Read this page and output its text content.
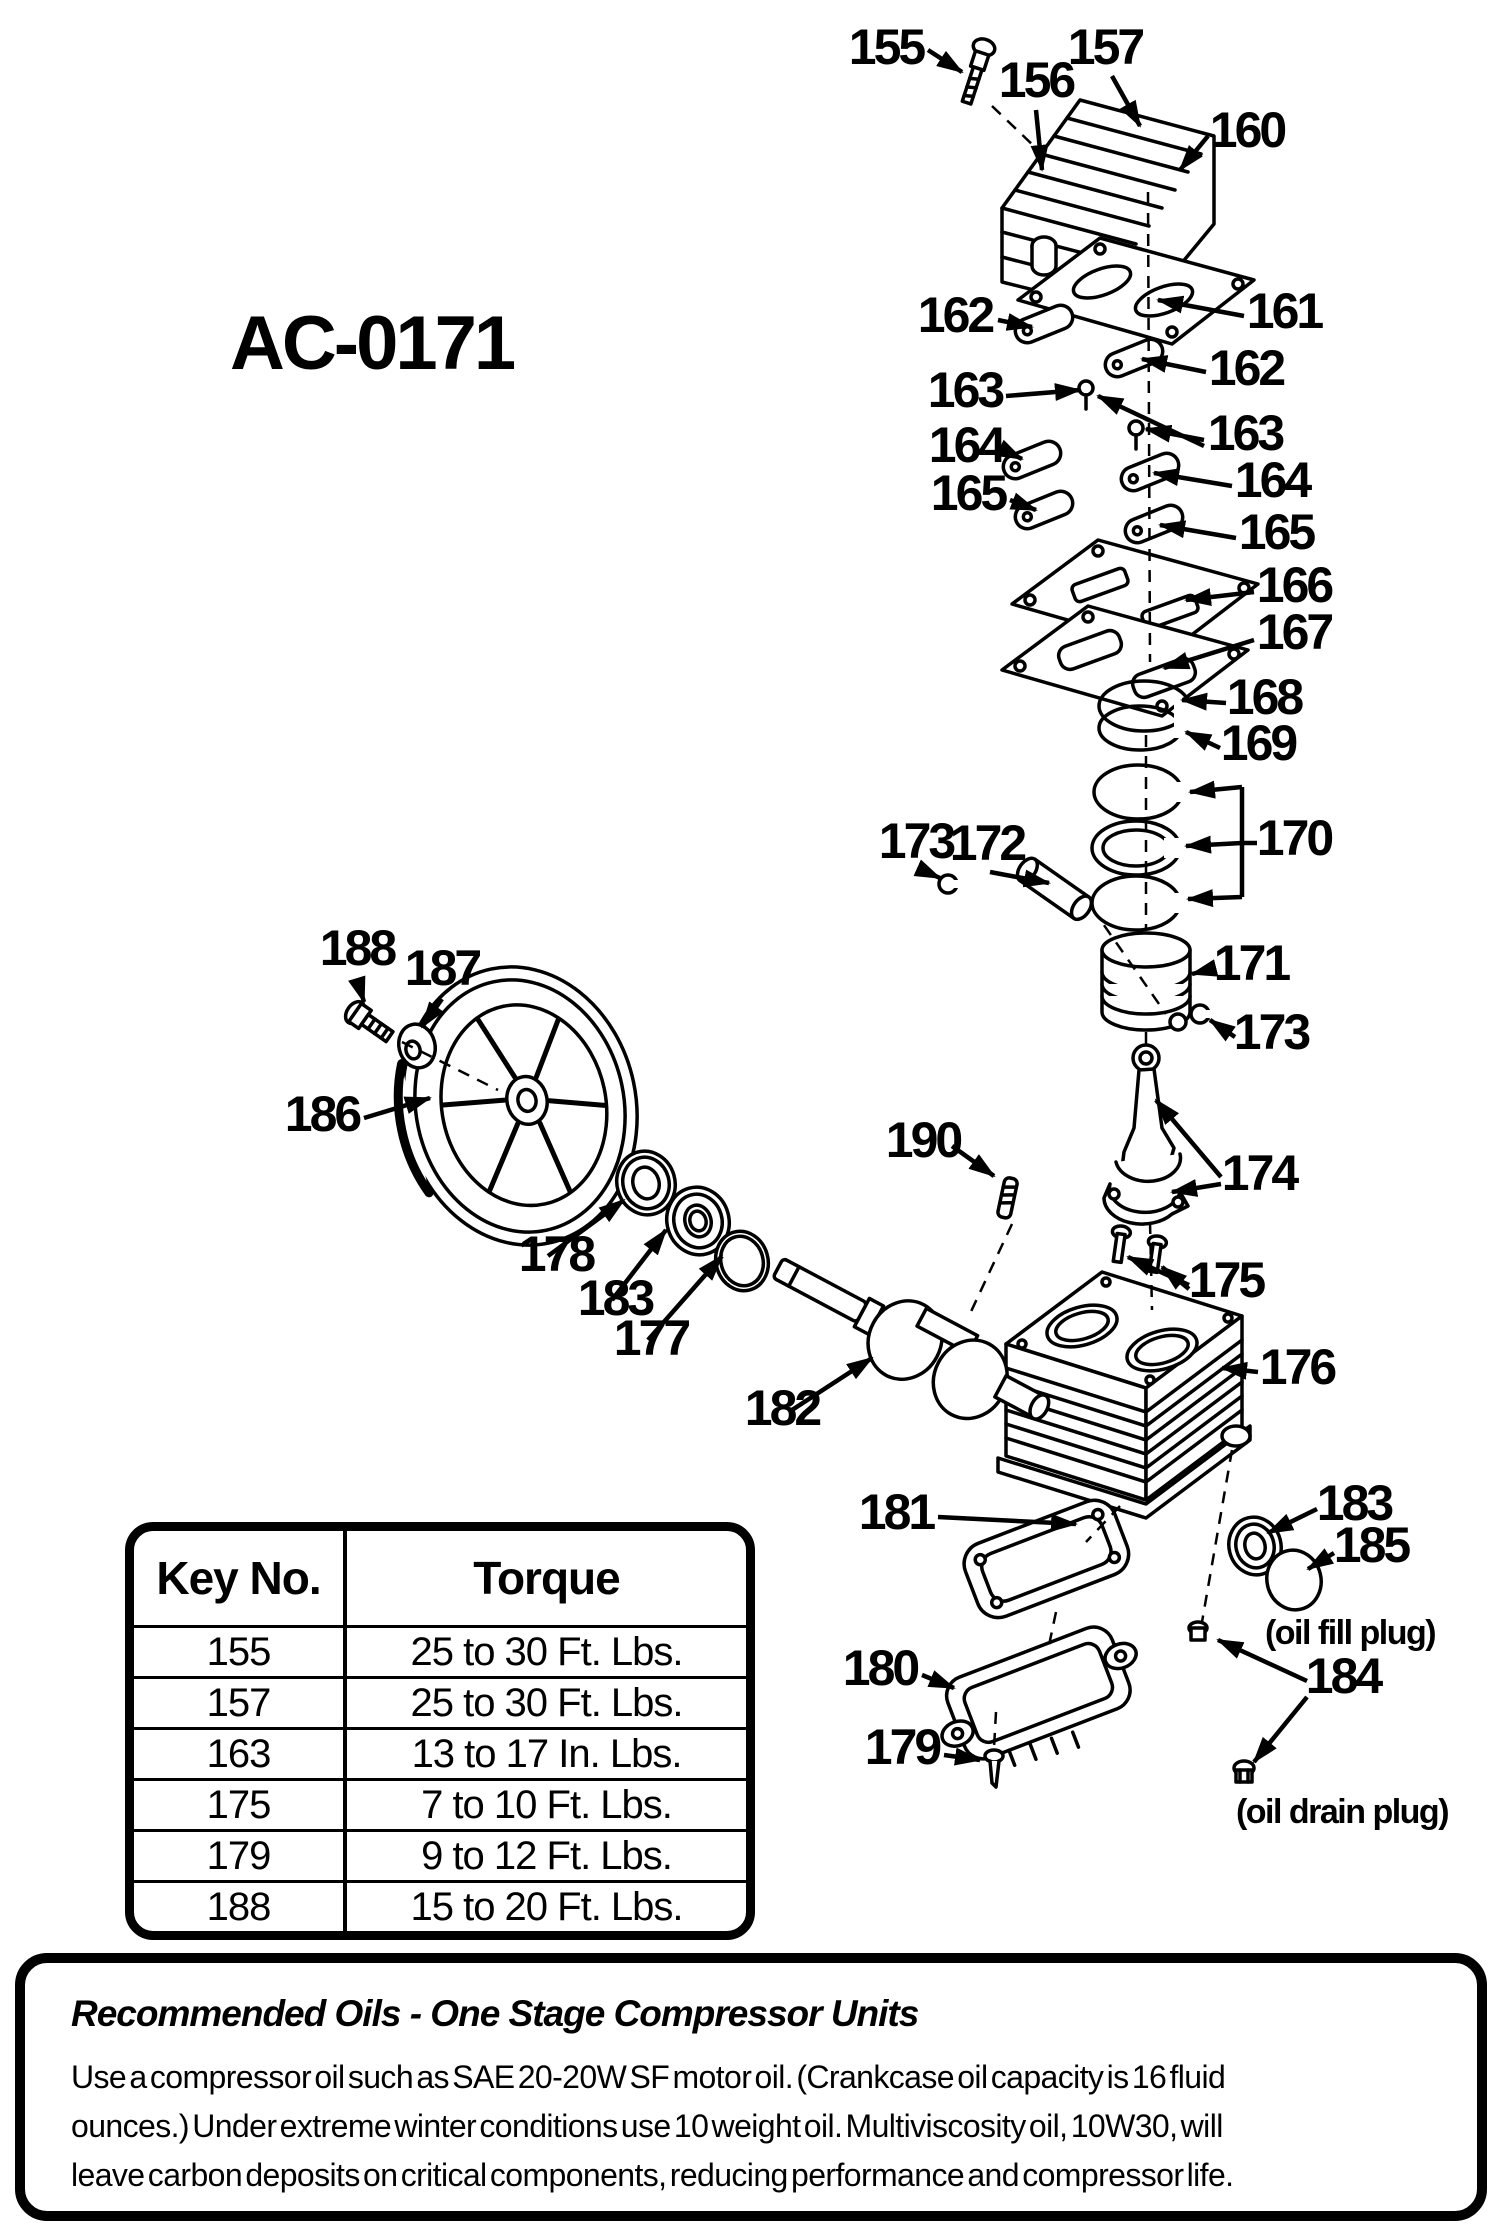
AC-0171
155
156
157
160
161
162
162
163
163
164
164
165
165
166
167
168
169
170
171
172
173
173
174
175
176
177
178
179
180
181
182
183
183
184
185
186
187
188
190
(oil fill plug)
(oil drain plug)
Key No.	Torque
155	25 to 30 Ft. Lbs.
157	25 to 30 Ft. Lbs.
163	13 to 17 In. Lbs.
175	7 to 10 Ft. Lbs.
179	9 to 12 Ft. Lbs.
188	15 to 20 Ft. Lbs.
Recommended Oils - One Stage Compressor Units

Use a compressor oil such as SAE 20-20W SF motor oil. (Crankcase oil capacity is 16 fluid

ounces.) Under extreme winter conditions use 10 weight oil. Multiviscosity oil, 10W30, will

leave carbon deposits on critical components, reducing performance and compressor life.
